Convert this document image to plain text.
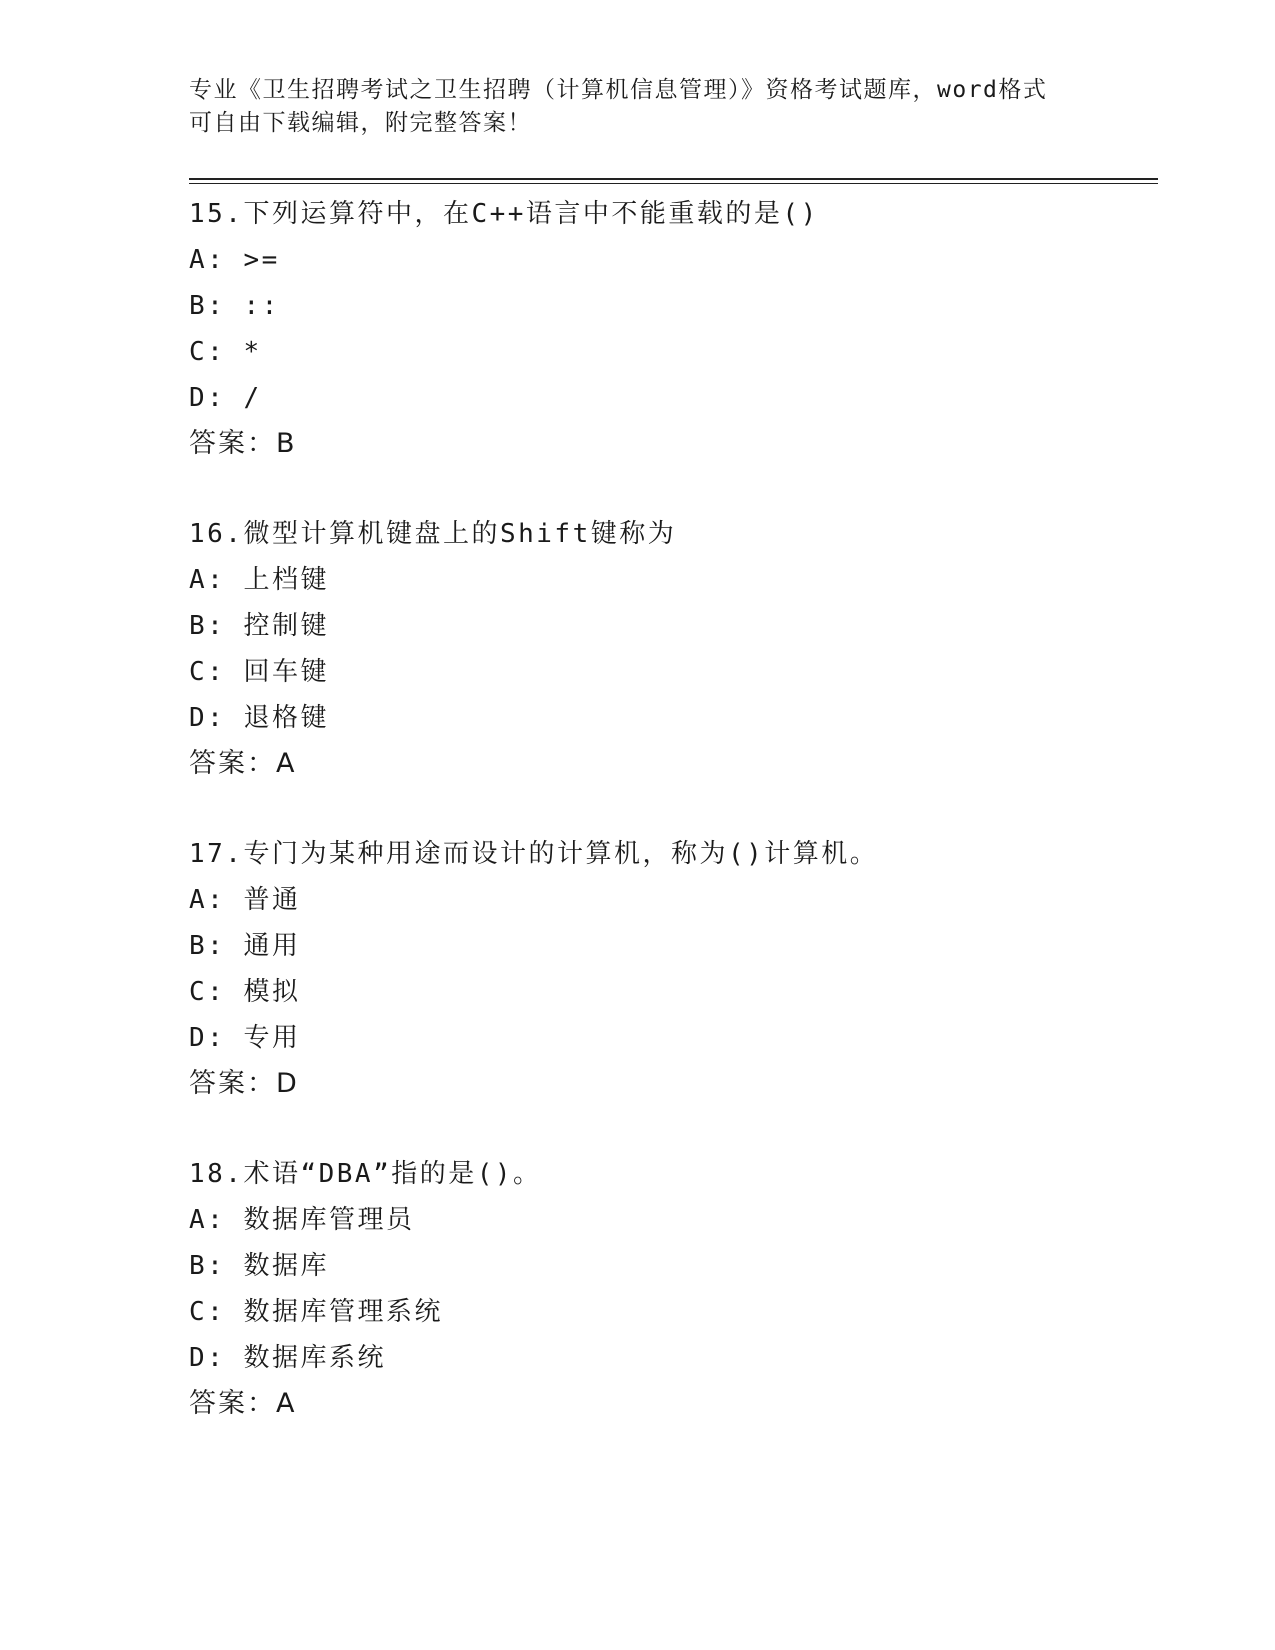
专业《卫生招聘考试之卫生招聘（计算机信息管理）》资格考试题库，word格式
可自由下载编辑，附完整答案！
15.下列运算符中，在C++语言中不能重载的是()
A: >=
B: ::
C: *
D: /
答案：B
16.微型计算机键盘上的Shift键称为
A: 上档键
B: 控制键
C: 回车键
D: 退格键
答案：A
17.专门为某种用途而设计的计算机，称为()计算机。
A: 普通
B: 通用
C: 模拟
D: 专用
答案：D
18.术语“DBA”指的是()。
A: 数据库管理员
B: 数据库
C: 数据库管理系统
D: 数据库系统
答案：A
